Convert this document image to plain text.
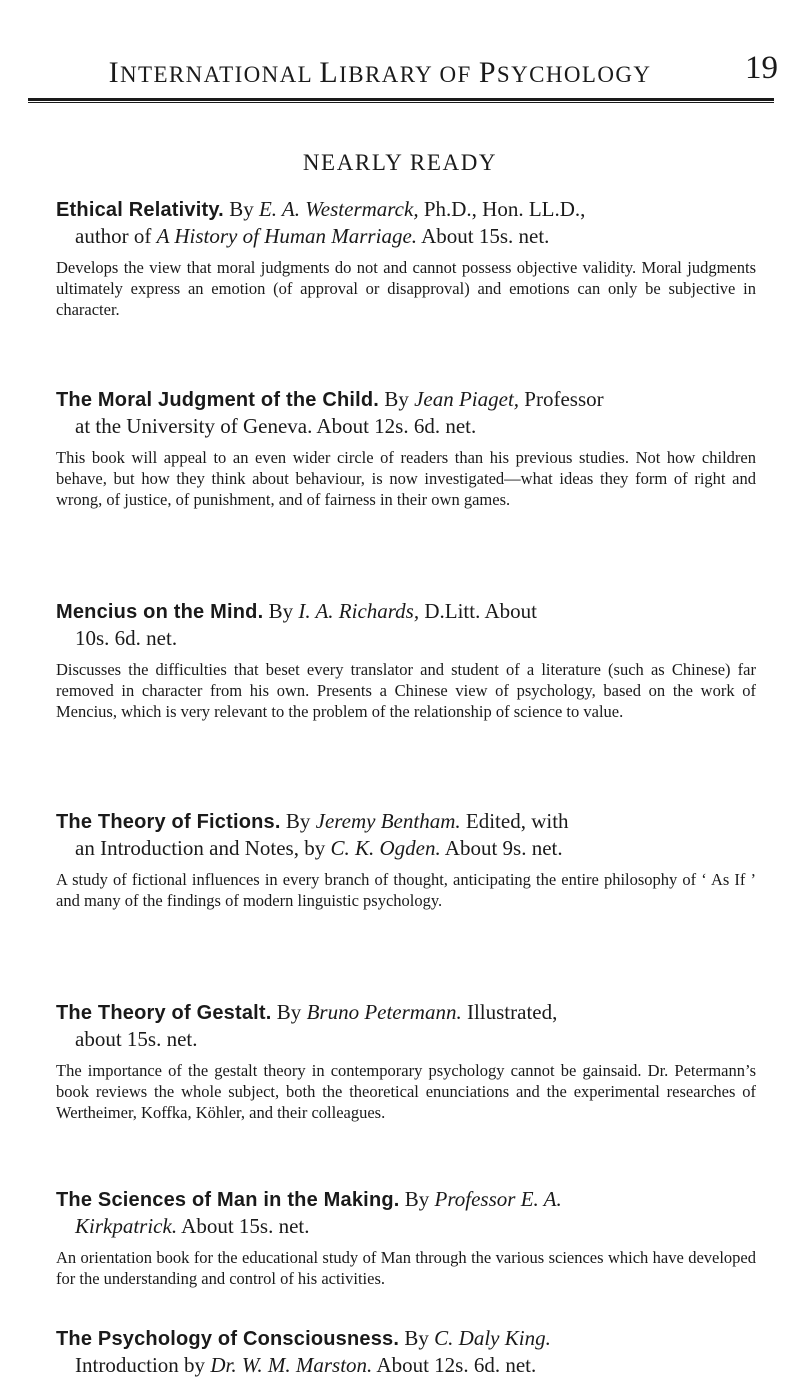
INTERNATIONAL LIBRARY OF PSYCHOLOGY	19
NEARLY READY
Ethical Relativity. By E. A. Westermarck, Ph.D., Hon. LL.D.,
author of A History of Human Marriage. About 15s. net.
Develops the view that moral judgments do not and cannot possess objective validity. Moral judgments ultimately express an emotion (of approval or disapproval) and emotions can only be subjective in character.
The Moral Judgment of the Child. By Jean Piaget, Professor
at the University of Geneva. About 12s. 6d. net.
This book will appeal to an even wider circle of readers than his previous studies. Not how children behave, but how they think about behaviour, is now investigated—what ideas they form of right and wrong, of justice, of punishment, and of fairness in their own games.
Mencius on the Mind. By I. A. Richards, D.Litt. About
10s. 6d. net.
Discusses the difficulties that beset every translator and student of a literature (such as Chinese) far removed in character from his own. Presents a Chinese view of psychology, based on the work of Mencius, which is very relevant to the problem of the relationship of science to value.
The Theory of Fictions. By Jeremy Bentham. Edited, with
an Introduction and Notes, by C. K. Ogden. About 9s. net.
A study of fictional influences in every branch of thought, anticipating the entire philosophy of ‘ As If ’ and many of the findings of modern linguistic psychology.
The Theory of Gestalt. By Bruno Petermann. Illustrated,
about 15s. net.
The importance of the gestalt theory in contemporary psychology cannot be gainsaid. Dr. Petermann’s book reviews the whole subject, both the theoretical enunciations and the experimental researches of Wertheimer, Koffka, Köhler, and their colleagues.
The Sciences of Man in the Making. By Professor E. A.
Kirkpatrick. About 15s. net.
An orientation book for the educational study of Man through the various sciences which have developed for the understanding and control of his activities.
The Psychology of Consciousness. By C. Daly King.
Introduction by Dr. W. M. Marston. About 12s. 6d. net.
